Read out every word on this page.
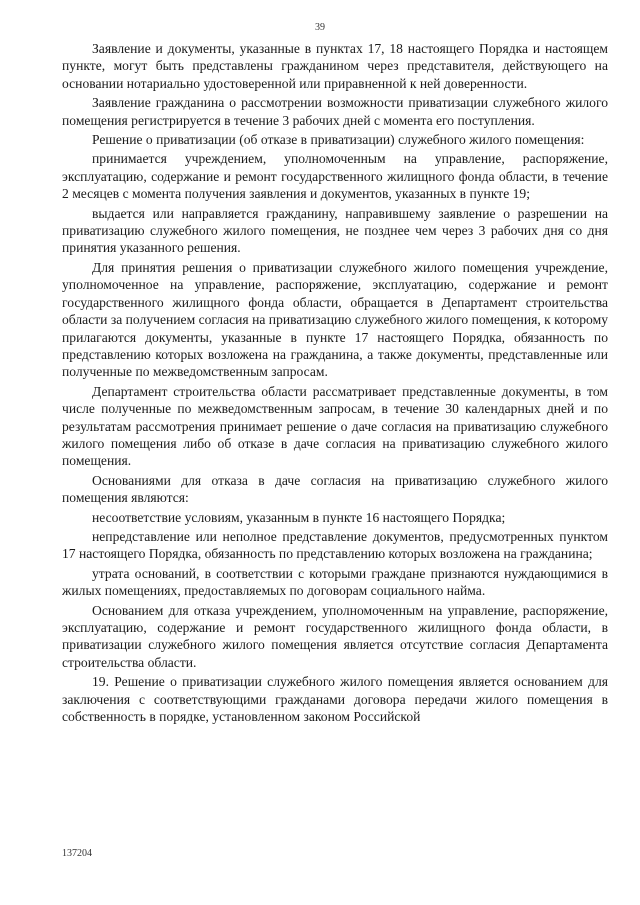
39

Заявление и документы, указанные в пунктах 17, 18 настоящего Порядка и настоящем пункте, могут быть представлены гражданином через представителя, действующего на основании нотариально удостоверенной или приравненной к ней доверенности.

Заявление гражданина о рассмотрении возможности приватизации служебного жилого помещения регистрируется в течение 3 рабочих дней с момента его поступления.

Решение о приватизации (об отказе в приватизации) служебного жилого помещения:

принимается учреждением, уполномоченным на управление, распоряжение, эксплуатацию, содержание и ремонт государственного жилищного фонда области, в течение 2 месяцев с момента получения заявления и документов, указанных в пункте 19;

выдается или направляется гражданину, направившему заявление о разрешении на приватизацию служебного жилого помещения, не позднее чем через 3 рабочих дня со дня принятия указанного решения.

Для принятия решения о приватизации служебного жилого помещения учреждение, уполномоченное на управление, распоряжение, эксплуатацию, содержание и ремонт государственного жилищного фонда области, обращается в Департамент строительства области за получением согласия на приватизацию служебного жилого помещения, к которому прилагаются документы, указанные в пункте 17 настоящего Порядка, обязанность по представлению которых возложена на гражданина, а также документы, представленные или полученные по межведомственным запросам.

Департамент строительства области рассматривает представленные документы, в том числе полученные по межведомственным запросам, в течение 30 календарных дней и по результатам рассмотрения принимает решение о даче согласия на приватизацию служебного жилого помещения либо об отказе в даче согласия на приватизацию служебного жилого помещения.

Основаниями для отказа в даче согласия на приватизацию служебного жилого помещения являются:

несоответствие условиям, указанным в пункте 16 настоящего Порядка;

непредставление или неполное представление документов, предусмотренных пунктом 17 настоящего Порядка, обязанность по представлению которых возложена на гражданина;

утрата оснований, в соответствии с которыми граждане признаются нуждающимися в жилых помещениях, предоставляемых по договорам социального найма.

Основанием для отказа учреждением, уполномоченным на управление, распоряжение, эксплуатацию, содержание и ремонт государственного жилищного фонда области, в приватизации служебного жилого помещения является отсутствие согласия Департамента строительства области.

19. Решение о приватизации служебного жилого помещения является основанием для заключения с соответствующими гражданами договора передачи жилого помещения в собственность в порядке, установленном законом Российской

137204
